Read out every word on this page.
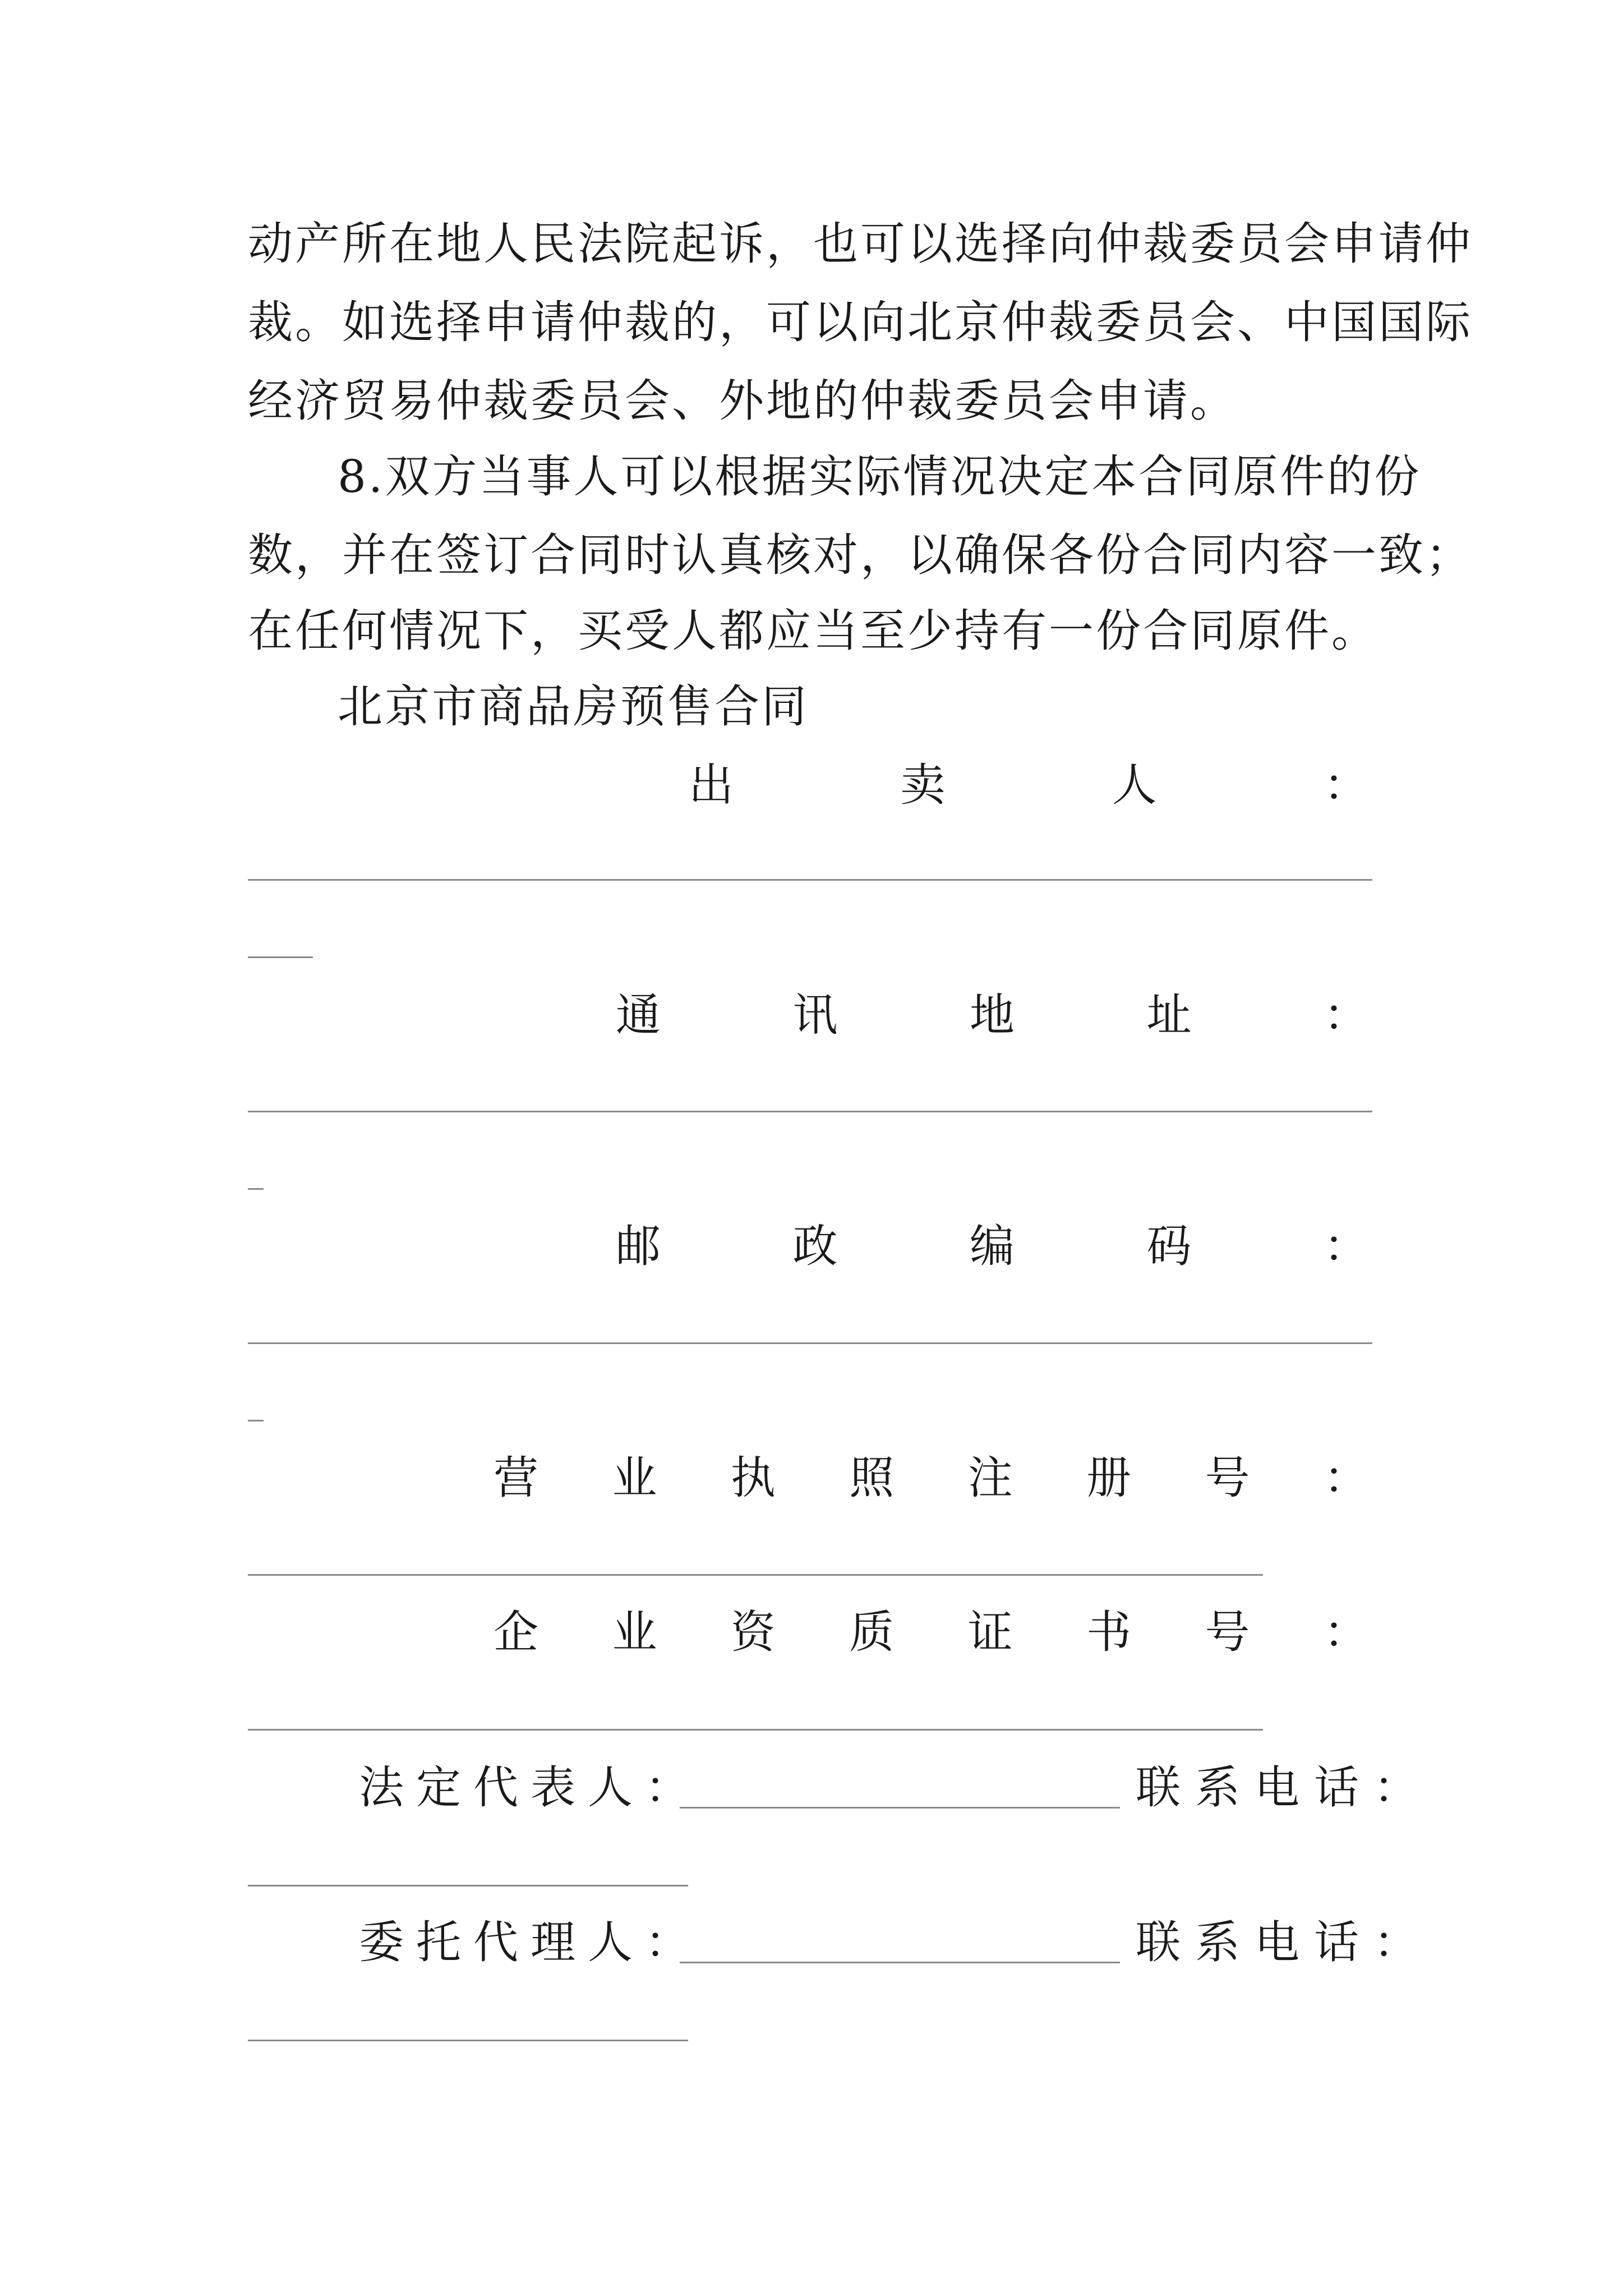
动产所在地人民法院起诉，也可以选择向仲裁委员会申请仲
裁。如选择申请仲裁的，可以向北京仲裁委员会、中国国际
经济贸易仲裁委员会、外地的仲裁委员会申请。
8.双方当事人可以根据实际情况决定本合同原件的份
数，并在签订合同时认真核对，以确保各份合同内容一致；
在任何情况下，买受人都应当至少持有一份合同原件。
北京市商品房预售合同
出	卖	人	：
通	讯	地	址	：
邮	政	编	码	：
营 业 执 照 注 册 号 ：
企 业 资 质 证 书 号 ：
法定代表人：	联系电话：
委托代理人：	联系电话：
